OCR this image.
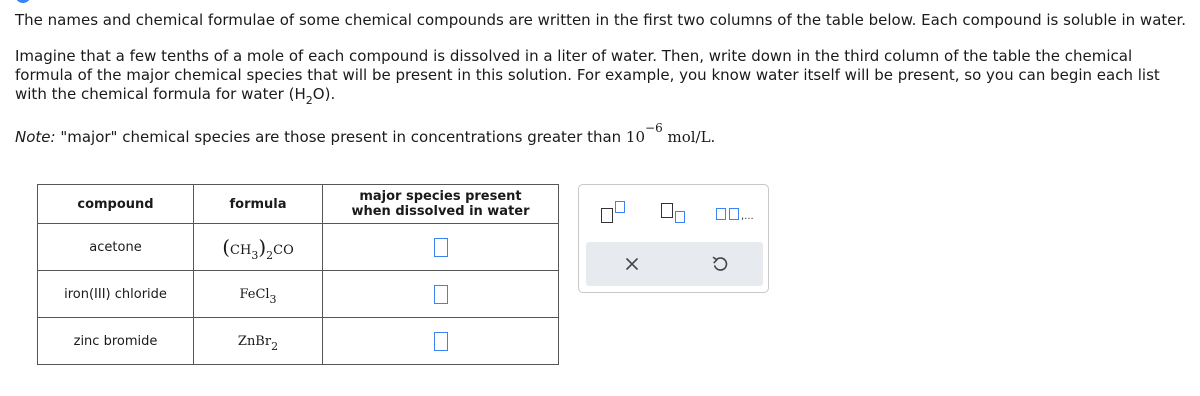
The names and chemical formulae of some chemical compounds are written in the first two columns of the table below. Each compound is soluble in water.

Imagine that a few tenths of a mole of each compound is dissolved in a liter of water. Then, write down in the third column of the table the chemical formula of the major chemical species that will be present in this solution. For example, you know water itself will be present, so you can begin each list with the chemical formula for water $(H_2O)$.

Note: "major" chemical species are those present in concentrations greater than $10^{-6}$ mol/L.
compound	formula	major species present
when dissolved in water
acetone	$(CH_3)_2CO$	
iron(III) chloride	FeCl$_3$	
zinc bromide	ZnBr$_2$	
,...
